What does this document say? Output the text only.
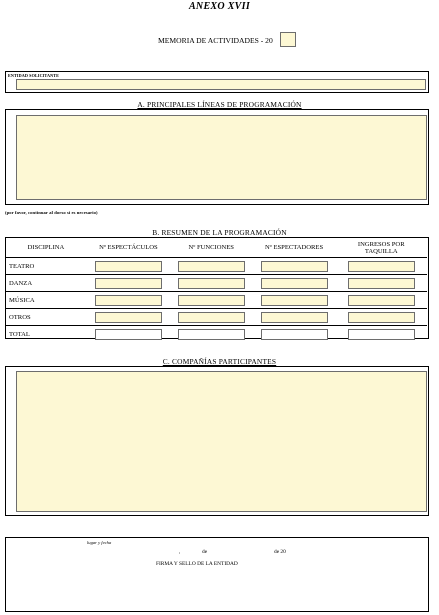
ANEXO XVII
MEMORIA DE ACTIVIDADES - 20
ENTIDAD SOLICITANTE
A. PRINCIPALES LÍNEAS DE PROGRAMACIÓN
(por favor, continuar al dorso si es necesario)
B. RESUMEN DE LA PROGRAMACIÓN
DISCIPLINA	Nº ESPECTÁCULOS	Nº FUNCIONES	Nº ESPECTADORES	INGRESOS POR TAQUILLA

TEATRO	

DANZA	

MÚSICA	

OTROS	

TOTAL	

C. COMPAÑÍAS PARTICIPANTES
lugar y fecha
,	de	de 20
FIRMA Y SELLO DE LA ENTIDAD
